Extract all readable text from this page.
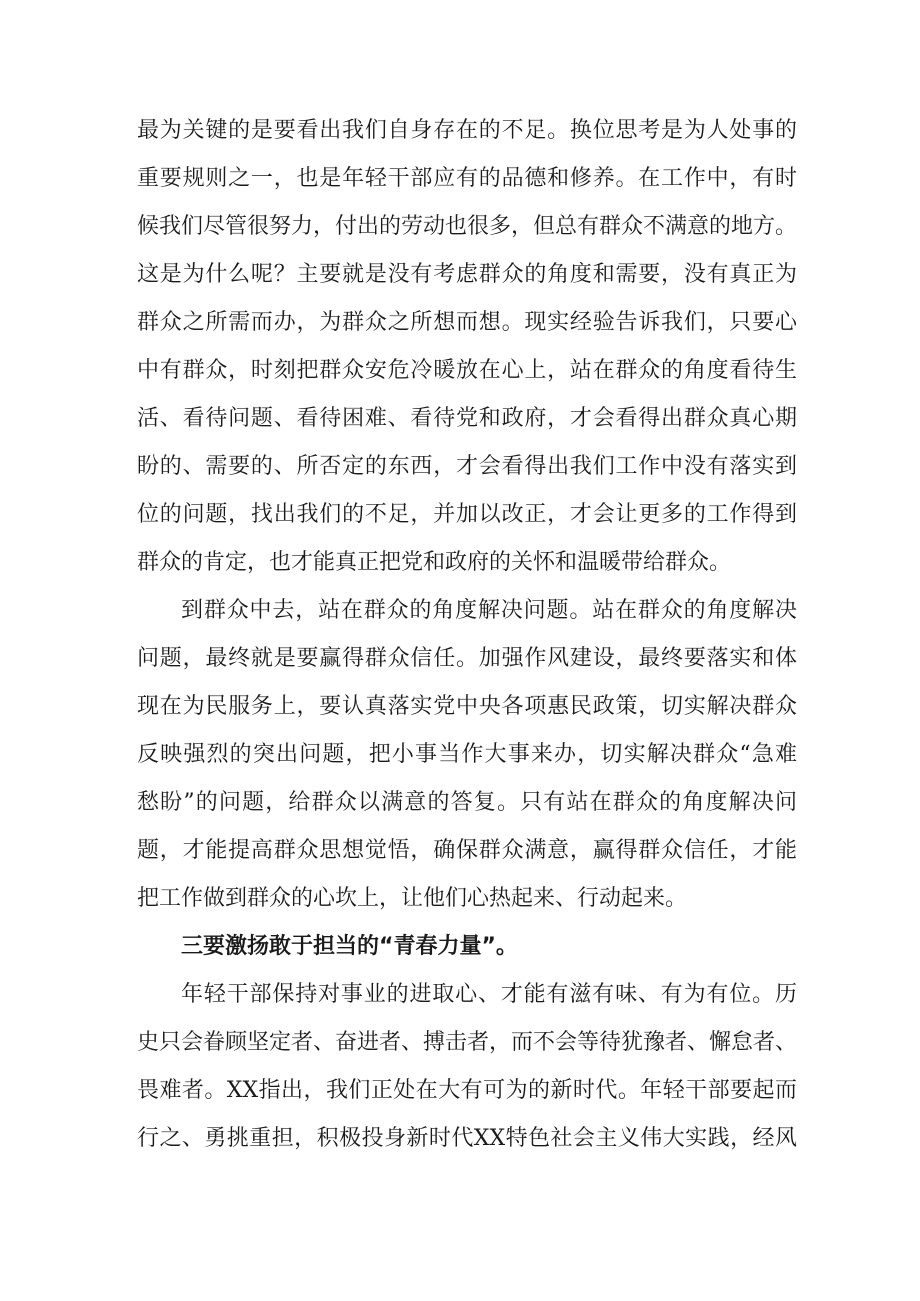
最为关键的是要看出我们自身存在的不足。换位思考是为人处事的
重要规则之一，也是年轻干部应有的品德和修养。在工作中，有时
候我们尽管很努力，付出的劳动也很多，但总有群众不满意的地方。
这是为什么呢？主要就是没有考虑群众的角度和需要，没有真正为
群众之所需而办，为群众之所想而想。现实经验告诉我们，只要心
中有群众，时刻把群众安危冷暖放在心上，站在群众的角度看待生
活、看待问题、看待困难、看待党和政府，才会看得出群众真心期
盼的、需要的、所否定的东西，才会看得出我们工作中没有落实到
位的问题，找出我们的不足，并加以改正，才会让更多的工作得到
群众的肯定，也才能真正把党和政府的关怀和温暖带给群众。
到群众中去，站在群众的角度解决问题。站在群众的角度解决
问题，最终就是要赢得群众信任。加强作风建设，最终要落实和体
现在为民服务上，要认真落实党中央各项惠民政策，切实解决群众
反映强烈的突出问题，把小事当作大事来办，切实解决群众“急难
愁盼”的问题，给群众以满意的答复。只有站在群众的角度解决问
题，才能提高群众思想觉悟，确保群众满意，赢得群众信任，才能
把工作做到群众的心坎上，让他们心热起来、行动起来。
三要激扬敢于担当的“青春力量”。
年轻干部保持对事业的进取心、才能有滋有味、有为有位。历
史只会眷顾坚定者、奋进者、搏击者，而不会等待犹豫者、懈怠者、
畏难者。XX指出，我们正处在大有可为的新时代。年轻干部要起而
行之、勇挑重担，积极投身新时代XX特色社会主义伟大实践，经风
